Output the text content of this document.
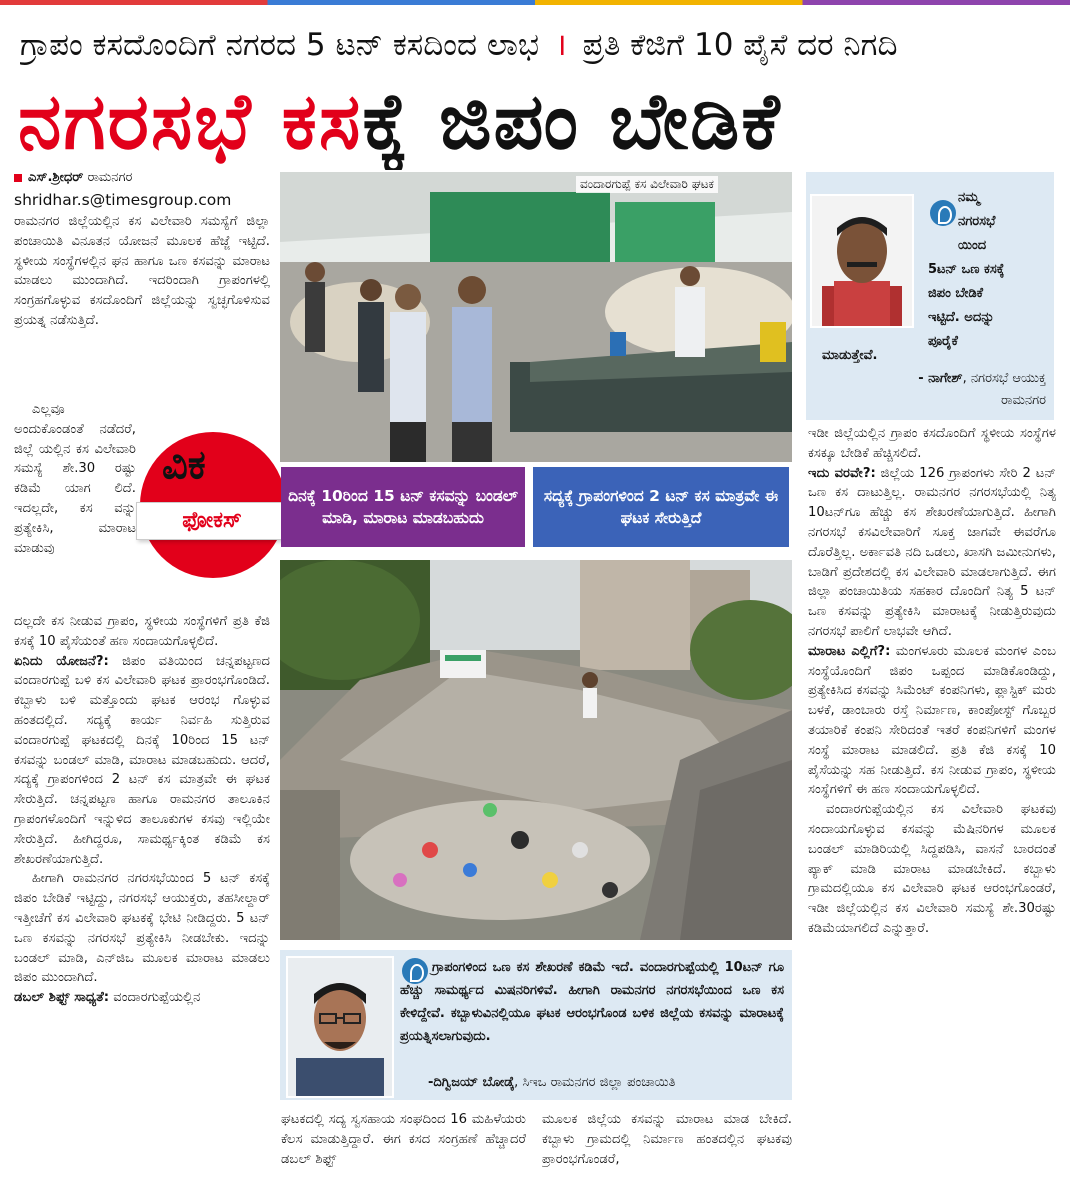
ಗ್ರಾಪಂ ಕಸದೊಂದಿಗೆ ನಗರದ 5 ಟನ್ ಕಸದಿಂದ ಲಾಭ । ಪ್ರತಿ ಕೆಜಿಗೆ 10 ಪೈಸೆ ದರ ನಿಗದಿ
ನಗರಸಭೆ ಕಸಕ್ಕೆ ಜಿಪಂ ಬೇಡಿಕೆ
ಎಸ್.ಶ್ರೀಧರ್ ರಾಮನಗರ
shridhar.s@timesgroup.com

ರಾಮನಗರ ಜಿಲ್ಲೆಯಲ್ಲಿನ ಕಸ ವಿಲೇವಾರಿ ಸಮಸ್ಯೆಗೆ ಜಿಲ್ಲಾ ಪಂಚಾಯಿತಿ ವಿನೂತನ ಯೋಜನೆ ಮೂಲಕ ಹೆಜ್ಜೆ ಇಟ್ಟಿದೆ. ಸ್ಥಳೀಯ ಸಂಸ್ಥೆಗಳಲ್ಲಿನ ಘನ ಹಾಗೂ ಒಣ ಕಸವನ್ನು ಮಾರಾಟ ಮಾಡಲು ಮುಂದಾಗಿದೆ. ಇದರಿಂದಾಗಿ ಗ್ರಾಪಂಗಳಲ್ಲಿ ಸಂಗ್ರಹಗೊಳ್ಳುವ ಕಸದೊಂದಿಗೆ ಜಿಲ್ಲೆಯನ್ನು ಸ್ವಚ್ಛಗೊಳಿಸುವ ಪ್ರಯತ್ನ ನಡೆಸುತ್ತಿದೆ.

ಎಲ್ಲವೂ ಅಂದುಕೊಂಡಂತೆ ನಡೆದರೆ, ಜಿಲ್ಲೆ ಯಲ್ಲಿನ ಕಸ ವಿಲೇವಾರಿ ಸಮಸ್ಯೆ ಶೇ.30 ರಷ್ಟು ಕಡಿಮೆ ಯಾಗ ಲಿದೆ. ಇದಲ್ಲದೇ, ಕಸ ವನ್ನು ಪ್ರತ್ಯೇಕಿಸಿ, ಮಾರಾಟ ಮಾಡುವು

ವಿಕ
ಫೋಕಸ್

ದಲ್ಲದೇ ಕಸ ನೀಡುವ ಗ್ರಾಪಂ, ಸ್ಥಳೀಯ ಸಂಸ್ಥೆಗಳಿಗೆ ಪ್ರತಿ ಕೆಜಿ ಕಸಕ್ಕೆ 10 ಪೈಸೆಯಂತೆ ಹಣ ಸಂದಾಯಗೊಳ್ಳಲಿದೆ.

ಏನಿದು ಯೋಜನೆ?: ಜಿಪಂ ವತಿಯಿಂದ ಚನ್ನಪಟ್ಟಣದ ವಂದಾರಗುಪ್ಪೆ ಬಳಿ ಕಸ ವಿಲೇವಾರಿ ಘಟಕ ಪ್ರಾರಂಭಗೊಂಡಿದೆ. ಕಬ್ಬಾಳು ಬಳಿ ಮತ್ತೊಂದು ಘಟಕ ಆರಂಭ ಗೊಳ್ಳುವ ಹಂತದಲ್ಲಿದೆ. ಸದ್ಯಕ್ಕೆ ಕಾರ್ಯ ನಿರ್ವಹಿ ಸುತ್ತಿರುವ ವಂದಾರಗುಪ್ಪೆ ಘಟಕದಲ್ಲಿ ದಿನಕ್ಕೆ 10ರಿಂದ 15 ಟನ್ ಕಸವನ್ನು ಬಂಡಲ್ ಮಾಡಿ, ಮಾರಾಟ ಮಾಡಬಹುದು. ಆದರೆ, ಸದ್ಯಕ್ಕೆ ಗ್ರಾಪಂಗಳಿಂದ 2 ಟನ್ ಕಸ ಮಾತ್ರವೇ ಈ ಘಟಕ ಸೇರುತ್ತಿದೆ. ಚನ್ನಪಟ್ಟಣ ಹಾಗೂ ರಾಮನಗರ ತಾಲೂಕಿನ ಗ್ರಾಪಂಗಳೊಂದಿಗೆ ಇನ್ನುಳಿದ ತಾಲೂಕುಗಳ ಕಸವು ಇಲ್ಲಿಯೇ ಸೇರುತ್ತಿದೆ. ಹೀಗಿದ್ದರೂ, ಸಾಮರ್ಥ್ಯಕ್ಕಿಂತ ಕಡಿಮೆ ಕಸ ಶೇಖರಣೆಯಾಗುತ್ತಿದೆ.

ಹೀಗಾಗಿ ರಾಮನಗರ ನಗರಸಭೆಯಿಂದ 5 ಟನ್ ಕಸಕ್ಕೆ ಜಿಪಂ ಬೇಡಿಕೆ ಇಟ್ಟಿದ್ದು, ನಗರಸಭೆ ಆಯುಕ್ತರು, ತಹಸೀಲ್ದಾರ್ ಇತ್ತೀಚೆಗೆ ಕಸ ವಿಲೇವಾರಿ ಘಟಕಕ್ಕೆ ಭೇಟಿ ನೀಡಿದ್ದರು. 5 ಟನ್ ಒಣ ಕಸವನ್ನು ನಗರಸಭೆ ಪ್ರತ್ಯೇಕಿಸಿ ನೀಡಬೇಕು. ಇದನ್ನು ಬಂಡಲ್ ಮಾಡಿ, ಎನ್‌ಜಿಒ ಮೂಲಕ ಮಾರಾಟ ಮಾಡಲು ಜಿಪಂ ಮುಂದಾಗಿದೆ.

ಡಬಲ್ ಶಿಫ್ಟ್ ಸಾಧ್ಯತೆ: ವಂದಾರಗುಪ್ಪೆಯಲ್ಲಿನ

ವಂದಾರಗುಪ್ಪೆ ಕಸ ವಿಲೇವಾರಿ ಘಟಕ
ದಿನಕ್ಕೆ 10ರಿಂದ 15 ಟನ್ ಕಸವನ್ನು ಬಂಡಲ್ ಮಾಡಿ, ಮಾರಾಟ ಮಾಡಬಹುದು
ಸದ್ಯಕ್ಕೆ ಗ್ರಾಪಂಗಳಿಂದ 2 ಟನ್ ಕಸ ಮಾತ್ರವೇ ಈ ಘಟಕ ಸೇರುತ್ತಿದೆ
ನಮ್ಮ
ನಗರಸಭೆ
ಯಿಂದ
5ಟನ್ ಒಣ ಕಸಕ್ಕೆ
ಜಿಪಂ ಬೇಡಿಕೆ
ಇಟ್ಟಿದೆ. ಅದನ್ನು
ಪೂರೈಕೆ
ಮಾಡುತ್ತೇವೆ.
- ನಾಗೇಶ್, ನಗರಸಭೆ ಆಯುಕ್ತ
ರಾಮನಗರ

ಇಡೀ ಜಿಲ್ಲೆಯಲ್ಲಿನ ಗ್ರಾಪಂ ಕಸದೊಂದಿಗೆ ಸ್ಥಳೀಯ ಸಂಸ್ಥೆಗಳ ಕಸಕ್ಕೂ ಬೇಡಿಕೆ ಹೆಚ್ಚಿಸಲಿದೆ.

ಇದು ವರವೇ?: ಜಿಲ್ಲೆಯ 126 ಗ್ರಾಪಂಗಳು ಸೇರಿ 2 ಟನ್ ಒಣ ಕಸ ದಾಟುತ್ತಿಲ್ಲ. ರಾಮನಗರ ನಗರಸಭೆಯಲ್ಲಿ ನಿತ್ಯ 10ಟನ್‌ಗೂ ಹೆಚ್ಚು ಕಸ ಶೇಖರಣೆಯಾಗುತ್ತಿದೆ. ಹೀಗಾಗಿ ನಗರಸಭೆ ಕಸವಿಲೇವಾರಿಗೆ ಸೂಕ್ತ ಜಾಗವೇ ಈವರೆಗೂ ದೊರೆತ್ತಿಲ್ಲ. ಅರ್ಕಾವತಿ ನದಿ ಒಡಲು, ಖಾಸಗಿ ಜಮೀನುಗಳು, ಬಾಡಿಗೆ ಪ್ರದೇಶದಲ್ಲಿ ಕಸ ವಿಲೇವಾರಿ ಮಾಡಲಾಗುತ್ತಿದೆ. ಈಗ ಜಿಲ್ಲಾ ಪಂಚಾಯಿತಿಯ ಸಹಕಾರ ದೊಂದಿಗೆ ನಿತ್ಯ 5 ಟನ್ ಒಣ ಕಸವನ್ನು ಪ್ರತ್ಯೇಕಿಸಿ ಮಾರಾಟಕ್ಕೆ ನೀಡುತ್ತಿರುವುದು ನಗರಸಭೆ ಪಾಲಿಗೆ ಲಾಭವೇ ಆಗಿದೆ.

ಮಾರಾಟ ಎಲ್ಲಿಗೆ?: ಮಂಗಳೂರು ಮೂಲಕ ಮಂಗಳ ಎಂಬ ಸಂಸ್ಥೆಯೊಂದಿಗೆ ಜಿಪಂ ಒಪ್ಪಂದ ಮಾಡಿಕೊಂಡಿದ್ದು, ಪ್ರತ್ಯೇಕಿಸಿದ ಕಸವನ್ನು ಸಿಮೆಂಟ್ ಕಂಪನಿಗಳು, ಪ್ಲಾಸ್ಟಿಕ್ ಮರು ಬಳಕೆ, ಡಾಂಬಾರು ರಸ್ತೆ ನಿರ್ಮಾಣ, ಕಾಂಪೋಸ್ಟ್ ಗೊಬ್ಬರ ತಯಾರಿಕೆ ಕಂಪನಿ ಸೇರಿದಂತೆ ಇತರೆ ಕಂಪನಿಗಳಿಗೆ ಮಂಗಳ ಸಂಸ್ಥೆ ಮಾರಾಟ ಮಾಡಲಿದೆ. ಪ್ರತಿ ಕೆಜಿ ಕಸಕ್ಕೆ 10 ಪೈಸೆಯನ್ನು ಸಹ ನೀಡುತ್ತಿದೆ. ಕಸ ನೀಡುವ ಗ್ರಾಪಂ, ಸ್ಥಳೀಯ ಸಂಸ್ಥೆಗಳಿಗೆ ಈ ಹಣ ಸಂದಾಯಗೊಳ್ಳಲಿದೆ.

ವಂದಾರಗುಪ್ಪೆಯಲ್ಲಿನ ಕಸ ವಿಲೇವಾರಿ ಘಟಕವು ಸಂದಾಯಗೊಳ್ಳುವ ಕಸವನ್ನು ಮೆಷಿನರಿಗಳ ಮೂಲಕ ಬಂಡಲ್ ಮಾಡಿರಿಯಲ್ಲಿ ಸಿದ್ದಪಡಿಸಿ, ವಾಸನೆ ಬಾರದಂತೆ ಪ್ಯಾಕ್ ಮಾಡಿ ಮಾರಾಟ ಮಾಡಬೇಕಿದೆ. ಕಬ್ಬಾಳು ಗ್ರಾಮದಲ್ಲಿಯೂ ಕಸ ವಿಲೇವಾರಿ ಘಟಕ ಆರಂಭಗೊಂಡರೆ, ಇಡೀ ಜಿಲ್ಲೆಯಲ್ಲಿನ ಕಸ ವಿಲೇವಾರಿ ಸಮಸ್ಯೆ ಶೇ.30ರಷ್ಟು ಕಡಿಮೆಯಾಗಲಿದೆ ಎನ್ನುತ್ತಾರೆ.

ಗ್ರಾಪಂಗಳಿಂದ ಒಣ ಕಸ ಶೇಖರಣೆ ಕಡಿಮೆ ಇದೆ. ವಂದಾರಗುಪ್ಪೆಯಲ್ಲಿ 10ಟನ್ ಗೂ ಹೆಚ್ಚು ಸಾಮರ್ಥ್ಯದ ಮಿಷನರಿಗಳಿವೆ. ಹೀಗಾಗಿ ರಾಮನಗರ ನಗರಸಭೆಯಿಂದ ಒಣ ಕಸ ಕೇಳಿದ್ದೇವೆ. ಕಬ್ಬಾಳುವಿನಲ್ಲಿಯೂ ಘಟಕ ಆರಂಭಗೊಂಡ ಬಳಿಕ ಜಿಲ್ಲೆಯ ಕಸವನ್ನು ಮಾರಾಟಕ್ಕೆ ಪ್ರಯತ್ನಿಸಲಾಗುವುದು.
-ದಿಗ್ವಿಜಯ್ ಬೋಡ್ಕೆ, ಸಿಇಒ ರಾಮನಗರ ಜಿಲ್ಲಾ ಪಂಚಾಯಿತಿ
ಘಟಕದಲ್ಲಿ ಸದ್ಯ ಸ್ವಸಹಾಯ ಸಂಘದಿಂದ 16 ಮಹಿಳೆಯರು ಕೆಲಸ ಮಾಡುತ್ತಿದ್ದಾರೆ. ಈಗ ಕಸದ ಸಂಗ್ರಹಣೆ ಹೆಚ್ಚಾದರೆ ಡಬಲ್ ಶಿಫ್ಟ್
ಮೂಲಕ ಜಿಲ್ಲೆಯ ಕಸವನ್ನು ಮಾರಾಟ ಮಾಡ ಬೇಕಿದೆ. ಕಬ್ಬಾಳು ಗ್ರಾಮದಲ್ಲಿ ನಿರ್ಮಾಣ ಹಂತದಲ್ಲಿನ ಘಟಕವು ಪ್ರಾರಂಭಗೊಂಡರೆ,
